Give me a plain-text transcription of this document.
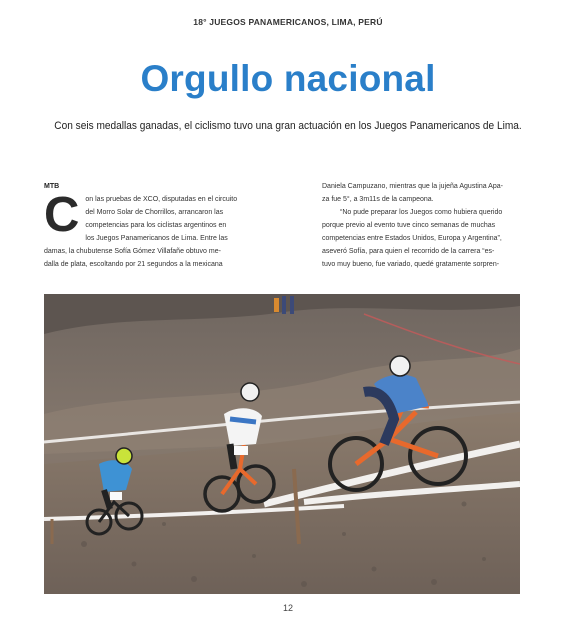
18° JUEGOS PANAMERICANOS, LIMA, PERÚ
Orgullo nacional
Con seis medallas ganadas, el ciclismo tuvo una gran actuación en los Juegos Panamericanos de Lima.
MTB
C on las pruebas de XCO, disputadas en el circuito
del Morro Solar de Chorrillos, arrancaron las
competencias para los ciclistas argentinos en
los Juegos Panamericanos de Lima. Entre las
damas, la chubutense Sofía Gómez Villafañe obtuvo me-
dalla de plata, escoltando por 21 segundos a la mexicana
Daniela Campuzano, mientras que la jujeña Agustina Apa-
za fue 5°, a 3m11s de la campeona.
“No pude preparar los Juegos como hubiera querido
porque previo al evento tuve cinco semanas de muchas
competencias entre Estados Unidos, Europa y Argentina”,
aseveró Sofía, para quien el recorrido de la carrera “es-
tuvo muy bueno, fue variado, quedé gratamente sorpren-
12
